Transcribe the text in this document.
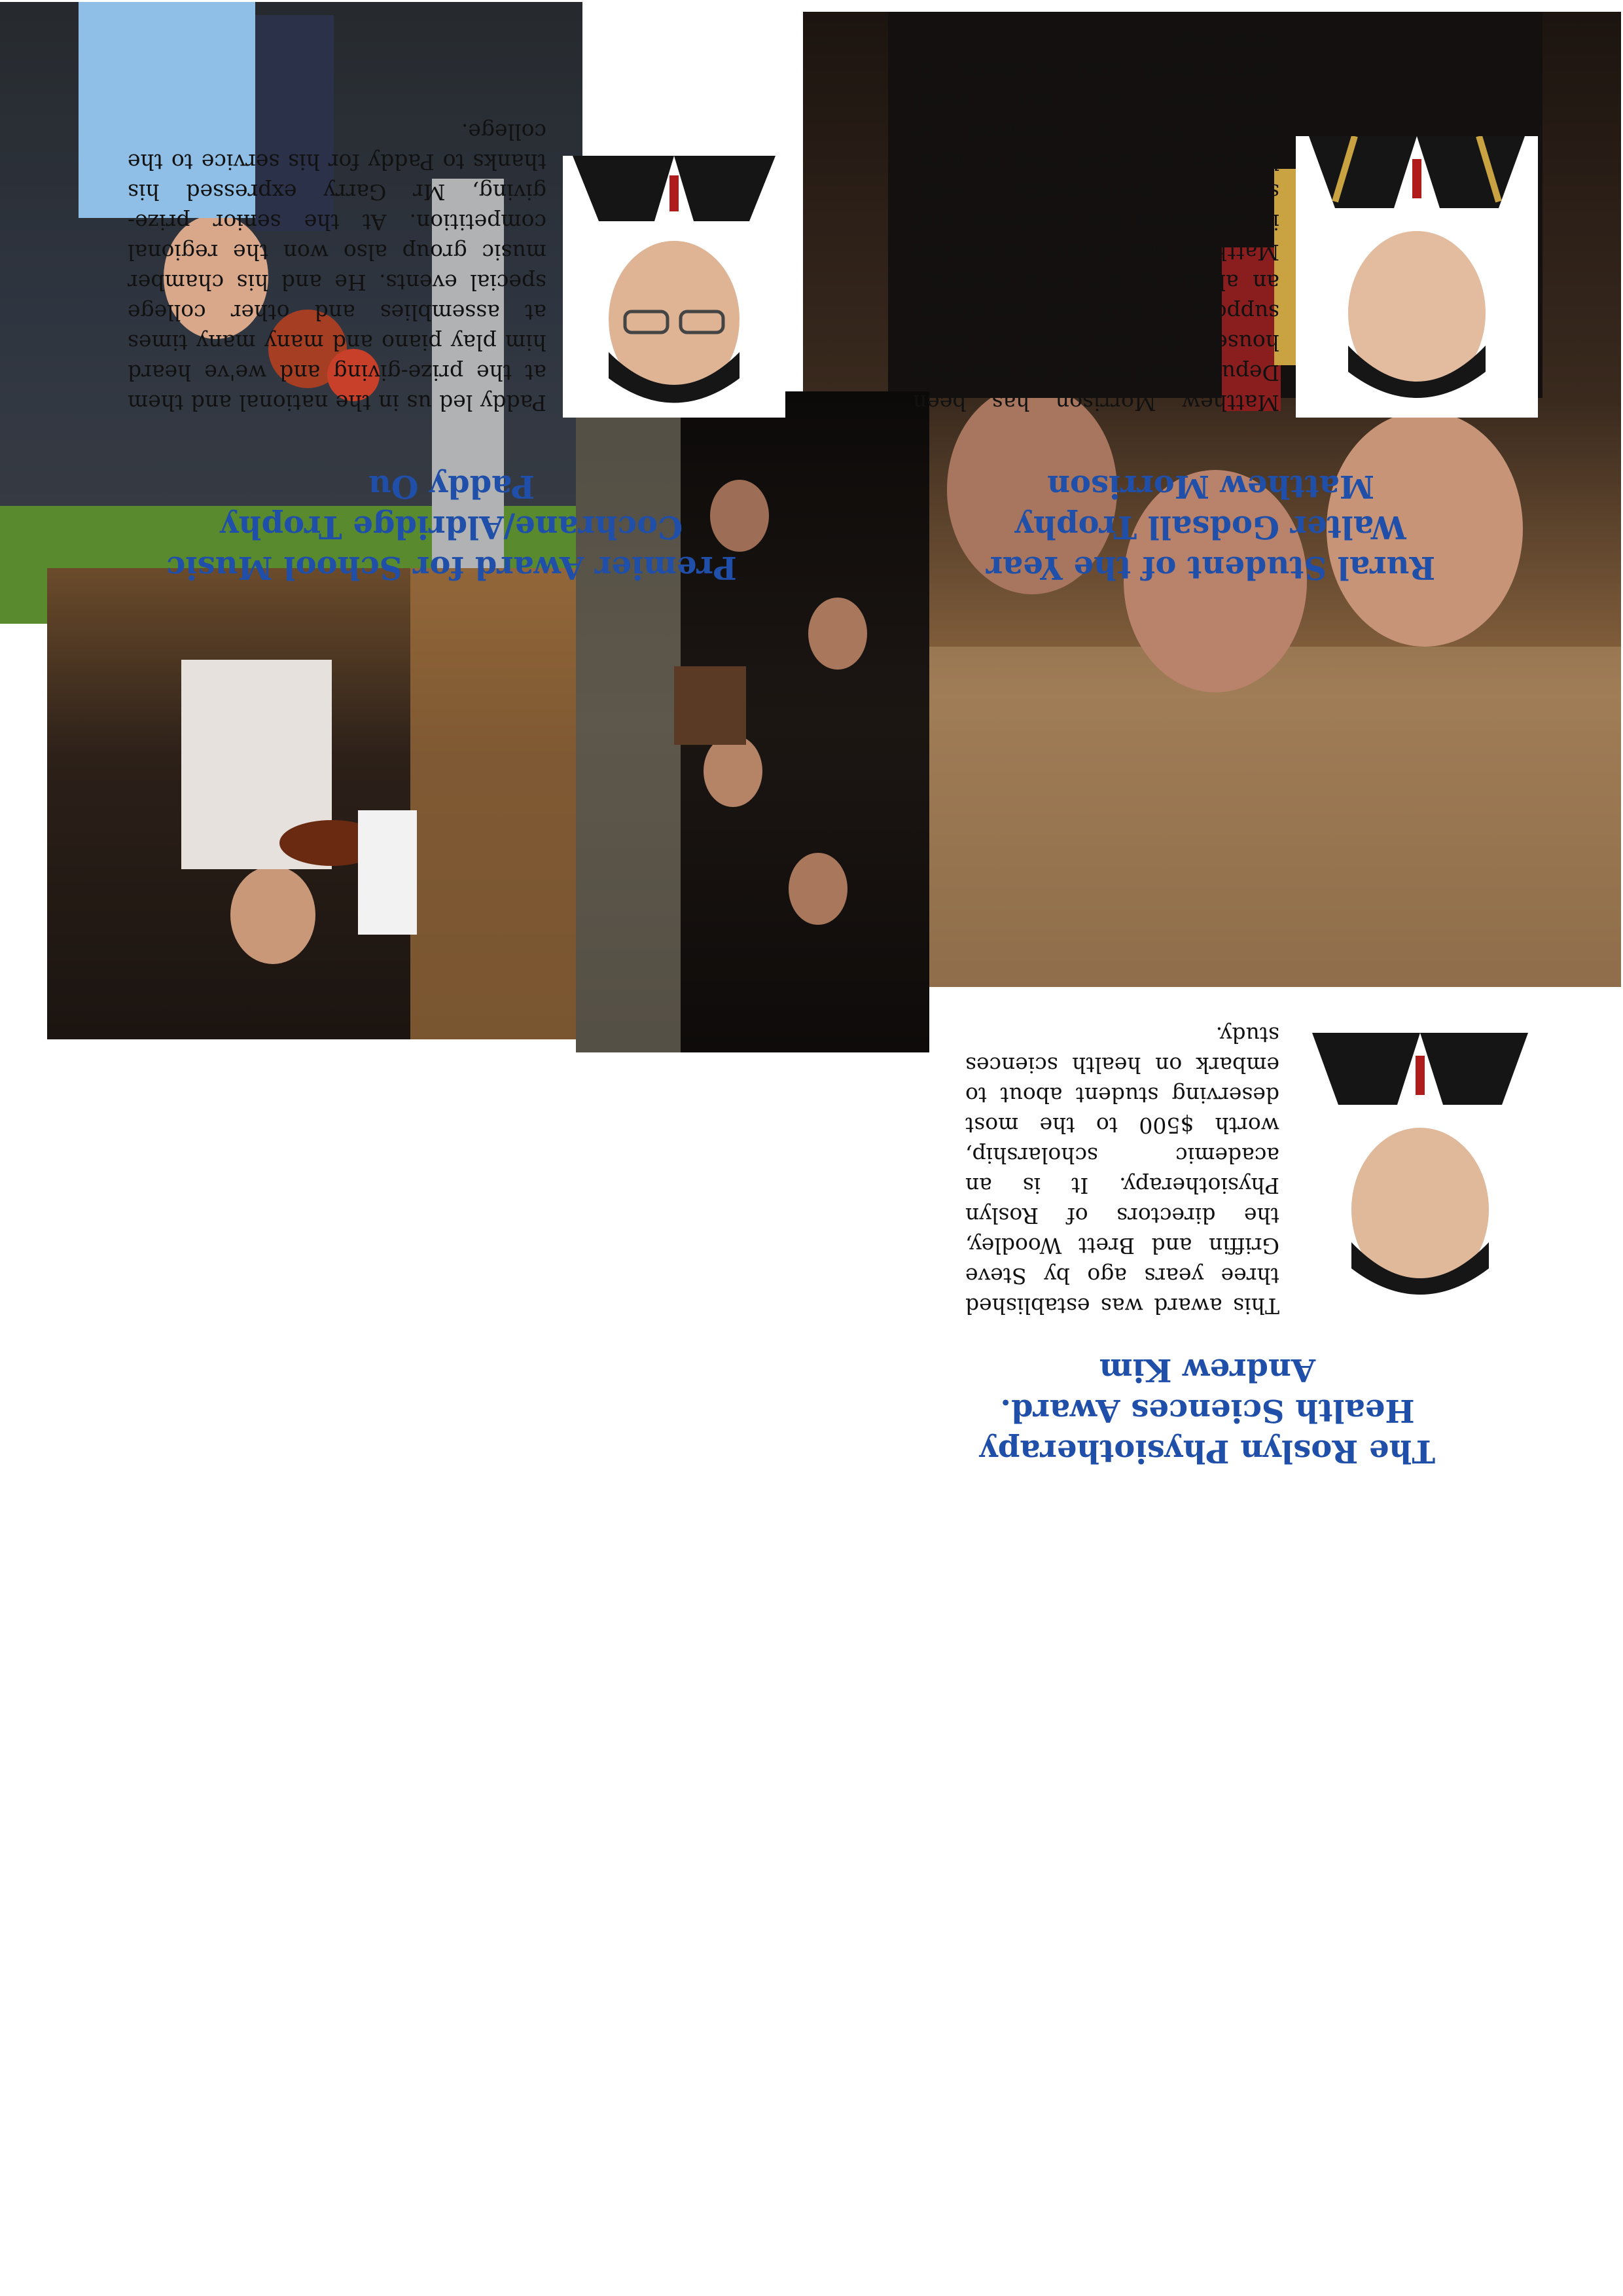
The Roslyn Physiotherapy
Health Sciences Award.
Andrew Kim

This award was established three years ago by Steve Griffin and Brett Woodley, the directors of Roslyn Physiotherapy. It is an academic scholarship, worth $500 to the most deserving student about to embark on health sciences study.

Rural Student of the Year
Walter Godsall Trophy
Matthew Morrison

Matthew Morrison has been Deputy Head boy of the boarding house. He has been a huge support to staff and has shown an ability to act with integrity. Matthew has always succeeded in balancing his academic and sports involvements with keeping an active role in farm work. He is destined to contribute to our rural environment and economy in some way

Premier Award for School Music
Cochrane/Aldridge Trophy
Paddy Ou

Paddy led us in the national and them at the prize-giving and we've heard him play piano and many many times at assemblies and other college special events. He and his chamber music group also won the regional competition. At the senior prize-giving, Mr Garry expressed his thanks to Paddy for his service to the college.
